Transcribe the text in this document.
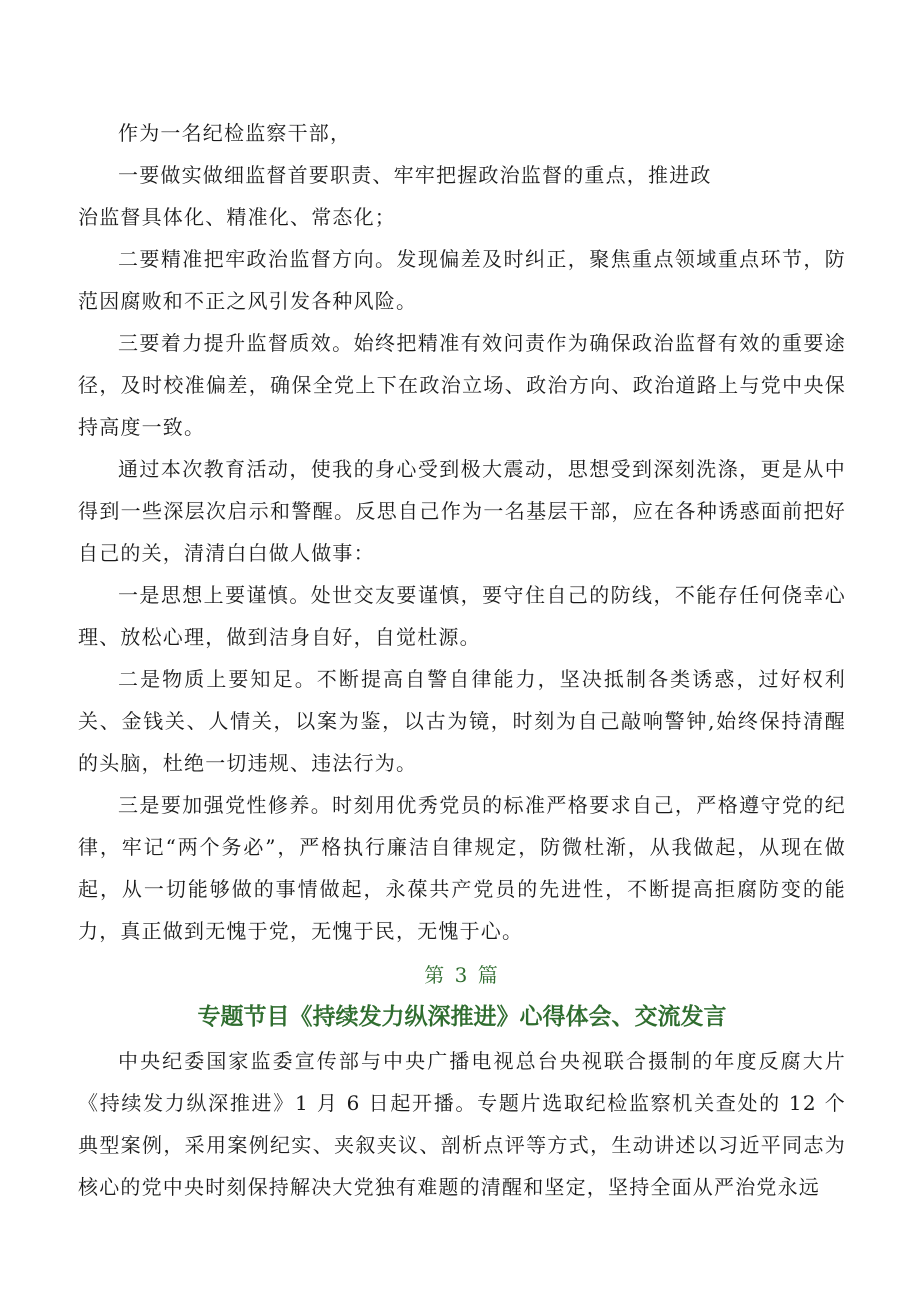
作为一名纪检监察干部，

一要做实做细监督首要职责、牢牢把握政治监督的重点，推进政

治监督具体化、精准化、常态化；

二要精准把牢政治监督方向。发现偏差及时纠正，聚焦重点领域重点环节，防范因腐败和不正之风引发各种风险。

三要着力提升监督质效。始终把精准有效问责作为确保政治监督有效的重要途径，及时校准偏差，确保全党上下在政治立场、政治方向、政治道路上与党中央保持高度一致。

通过本次教育活动，使我的身心受到极大震动，思想受到深刻洗涤，更是从中得到一些深层次启示和警醒。反思自己作为一名基层干部，应在各种诱惑面前把好自己的关，清清白白做人做事：

一是思想上要谨慎。处世交友要谨慎，要守住自己的防线，不能存任何侥幸心理、放松心理，做到洁身自好，自觉杜源。

二是物质上要知足。不断提高自警自律能力，坚决抵制各类诱惑，过好权利关、金钱关、人情关，以案为鉴，以古为镜，时刻为自己敲响警钟,始终保持清醒的头脑，杜绝一切违规、违法行为。

三是要加强党性修养。时刻用优秀党员的标准严格要求自己，严格遵守党的纪律，牢记“两个务必”，严格执行廉洁自律规定，防微杜渐，从我做起，从现在做起，从一切能够做的事情做起，永葆共产党员的先进性，不断提高拒腐防变的能力，真正做到无愧于党，无愧于民，无愧于心。

第 3 篇
专题节目《持续发力纵深推进》心得体会、交流发言

中央纪委国家监委宣传部与中央广播电视总台央视联合摄制的年度反腐大片《持续发力纵深推进》1 月 6 日起开播。专题片选取纪检监察机关查处的 12 个典型案例，采用案例纪实、夹叙夹议、剖析点评等方式，生动讲述以习近平同志为核心的党中央时刻保持解决大党独有难题的清醒和坚定，坚持全面从严治党永远
